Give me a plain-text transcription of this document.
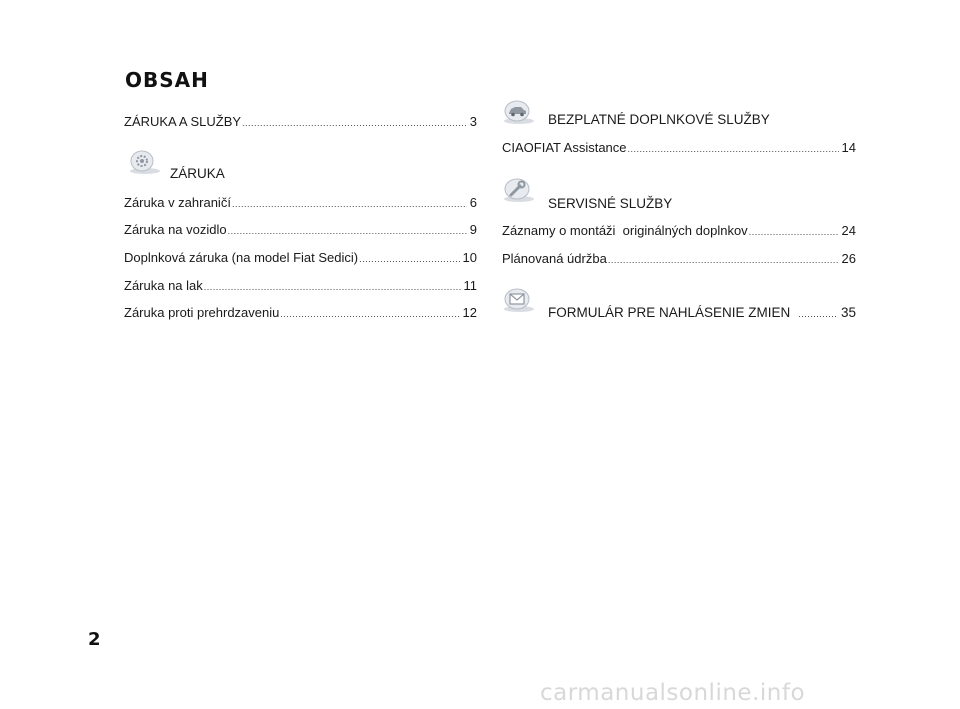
OBSAH
ZÁRUKA A SLUŽBY .....	3
ZÁRUKA
Záruka v zahraničí .....	6
Záruka na vozidlo .....	9
Doplnková záruka (na model Fiat Sedici) .....	10
Záruka na lak .....	11
Záruka proti prehrdzaveniu .....	12
BEZPLATNÉ DOPLNKOVÉ SLUŽBY
CIAOFIAT Assistance .....	14
SERVISNÉ SLUŽBY
Záznamy o montáži  originálných doplnkov .....	24
Plánovaná údržba .....	26
FORMULÁR PRE NAHLÁSENIE ZMIEN .....	35
2
carmanualsonline.info
